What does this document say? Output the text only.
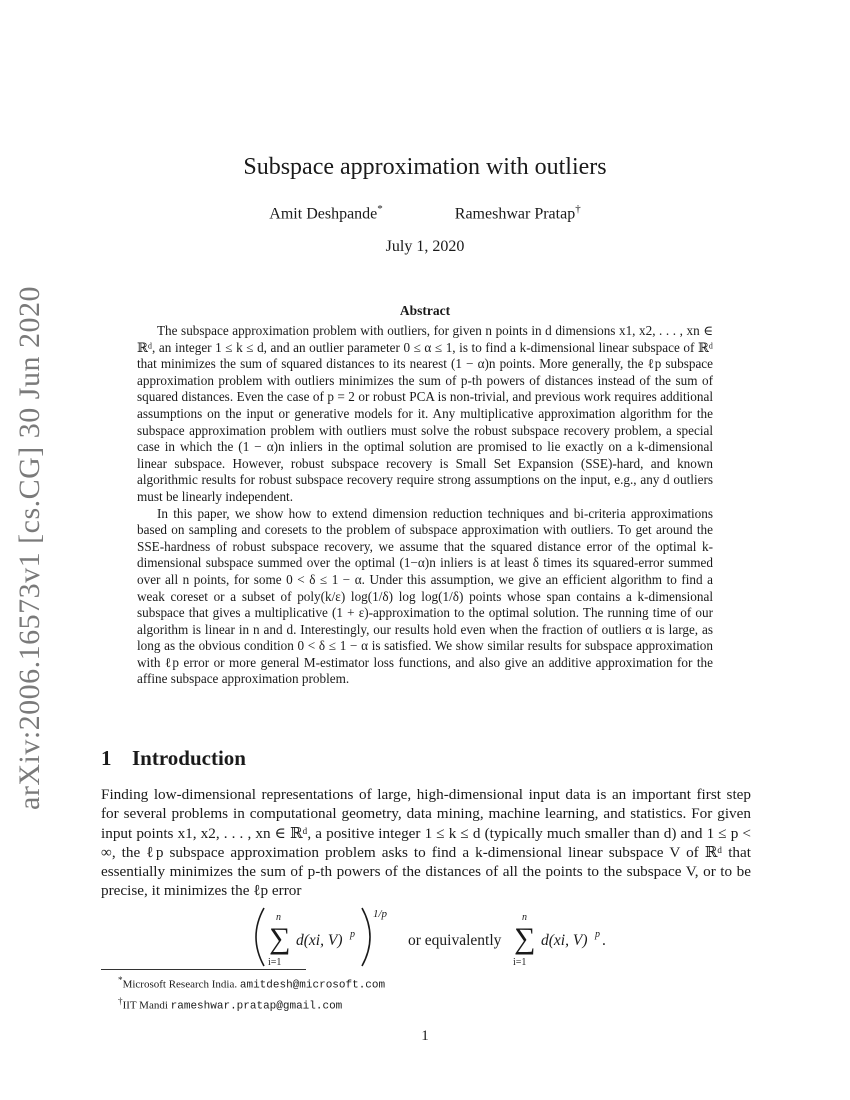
arXiv:2006.16573v1 [cs.CG] 30 Jun 2020
Subspace approximation with outliers
Amit Deshpande*	Rameshwar Pratap†
July 1, 2020
Abstract

The subspace approximation problem with outliers, for given n points in d dimensions x1, x2, . . . , xn ∈ ℝᵈ, an integer 1 ≤ k ≤ d, and an outlier parameter 0 ≤ α ≤ 1, is to find a k-dimensional linear subspace of ℝᵈ that minimizes the sum of squared distances to its nearest (1 − α)n points. More generally, the ℓp subspace approximation problem with outliers minimizes the sum of p-th powers of distances instead of the sum of squared distances. Even the case of p = 2 or robust PCA is non-trivial, and previous work requires additional assumptions on the input or generative models for it. Any multiplicative approximation algorithm for the subspace approximation problem with outliers must solve the robust subspace recovery problem, a special case in which the (1 − α)n inliers in the optimal solution are promised to lie exactly on a k-dimensional linear subspace. However, robust subspace recovery is Small Set Expansion (SSE)-hard, and known algorithmic results for robust subspace recovery require strong assumptions on the input, e.g., any d outliers must be linearly independent.

In this paper, we show how to extend dimension reduction techniques and bi-criteria approximations based on sampling and coresets to the problem of subspace approximation with outliers. To get around the SSE-hardness of robust subspace recovery, we assume that the squared distance error of the optimal k-dimensional subspace summed over the optimal (1−α)n inliers is at least δ times its squared-error summed over all n points, for some 0 < δ ≤ 1 − α. Under this assumption, we give an efficient algorithm to find a weak coreset or a subset of poly(k/ε) log(1/δ) log log(1/δ) points whose span contains a k-dimensional subspace that gives a multiplicative (1 + ε)-approximation to the optimal solution. The running time of our algorithm is linear in n and d. Interestingly, our results hold even when the fraction of outliers α is large, as long as the obvious condition 0 < δ ≤ 1 − α is satisfied. We show similar results for subspace approximation with ℓp error or more general M-estimator loss functions, and also give an additive approximation for the affine subspace approximation problem.

1 Introduction

Finding low-dimensional representations of large, high-dimensional input data is an important first step for several problems in computational geometry, data mining, machine learning, and statistics. For given input points x1, x2, . . . , xn ∈ ℝᵈ, a positive integer 1 ≤ k ≤ d (typically much smaller than d) and 1 ≤ p < ∞, the ℓp subspace approximation problem asks to find a k-dimensional linear subspace V of ℝᵈ that essentially minimizes the sum of p-th powers of the distances of all the points to the subspace V, or to be precise, it minimizes the ℓp error

n
∑
i=1
d(xi, V) p
1/p
or equivalently
n
∑
i=1
d(xi, V) p .
*Microsoft Research India. amitdesh@microsoft.com
†IIT Mandi rameshwar.pratap@gmail.com
1
